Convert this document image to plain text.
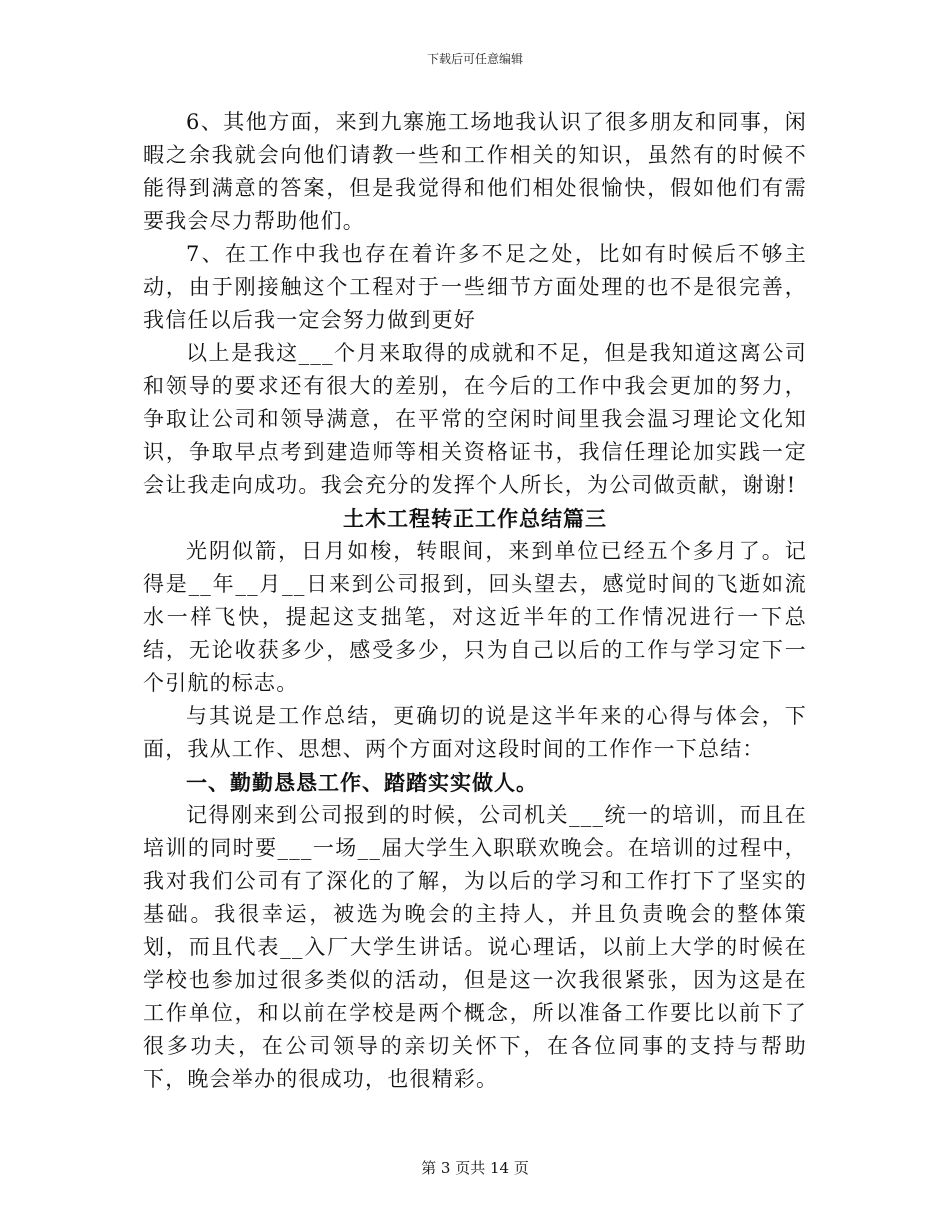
下载后可任意编辑

6、其他方面，来到九寨施工场地我认识了很多朋友和同事，闲暇之余我就会向他们请教一些和工作相关的知识，虽然有的时候不能得到满意的答案，但是我觉得和他们相处很愉快，假如他们有需要我会尽力帮助他们。

7、在工作中我也存在着许多不足之处，比如有时候后不够主动，由于刚接触这个工程对于一些细节方面处理的也不是很完善，我信任以后我一定会努力做到更好

以上是我这___个月来取得的成就和不足，但是我知道这离公司和领导的要求还有很大的差别，在今后的工作中我会更加的努力，争取让公司和领导满意，在平常的空闲时间里我会温习理论文化知识，争取早点考到建造师等相关资格证书，我信任理论加实践一定会让我走向成功。我会充分的发挥个人所长，为公司做贡献，谢谢!

土木工程转正工作总结篇三

光阴似箭，日月如梭，转眼间，来到单位已经五个多月了。记得是__年__月__日来到公司报到，回头望去，感觉时间的飞逝如流水一样飞快，提起这支拙笔，对这近半年的工作情况进行一下总结，无论收获多少，感受多少，只为自己以后的工作与学习定下一个引航的标志。

与其说是工作总结，更确切的说是这半年来的心得与体会，下面，我从工作、思想、两个方面对这段时间的工作作一下总结：

一、勤勤恳恳工作、踏踏实实做人。

记得刚来到公司报到的时候，公司机关___统一的培训，而且在培训的同时要___一场__届大学生入职联欢晚会。在培训的过程中，我对我们公司有了深化的了解，为以后的学习和工作打下了坚实的基础。我很幸运，被选为晚会的主持人，并且负责晚会的整体策划，而且代表__入厂大学生讲话。说心理话，以前上大学的时候在学校也参加过很多类似的活动，但是这一次我很紧张，因为这是在工作单位，和以前在学校是两个概念，所以准备工作要比以前下了很多功夫，在公司领导的亲切关怀下，在各位同事的支持与帮助下，晚会举办的很成功，也很精彩。

第 3 页共 14 页
